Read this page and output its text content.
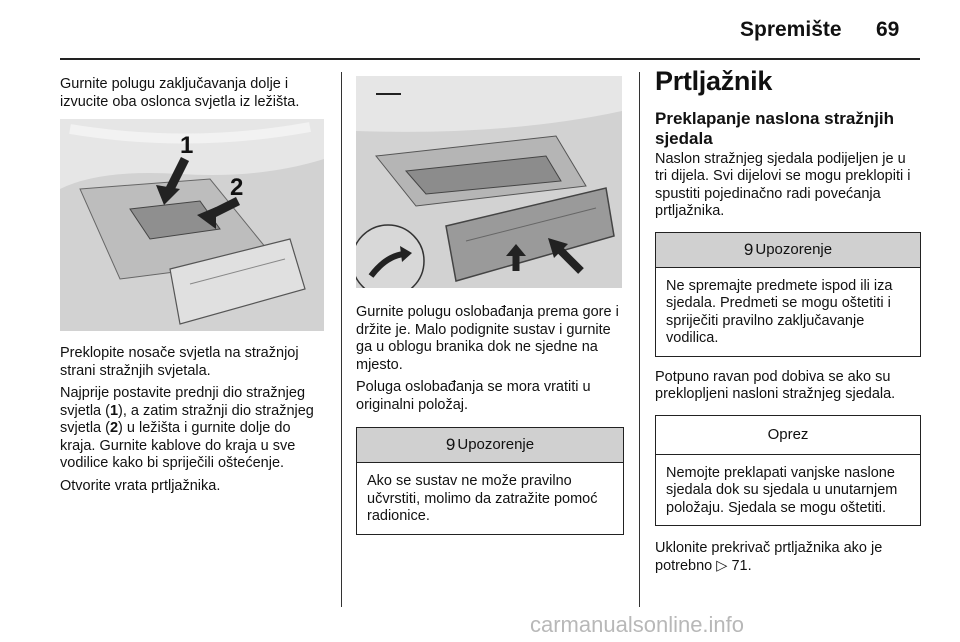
Spremište 69

Gurnite polugu zaključavanja dolje i izvucite oba oslonca svjetla iz ležišta.

1
2

Preklopite nosače svjetla na stražnjoj strani stražnjih svjetala.

Najprije postavite prednji dio stražnjeg svjetla (1), a zatim stražnji dio stražnjeg svjetla (2) u ležišta i gurnite dolje do kraja. Gurnite kablove do kraja u sve vodilice kako bi spriječili oštećenje.

Otvorite vrata prtljažnika.

Gurnite polugu oslobađanja prema gore i držite je. Malo podignite sustav i gurnite ga u oblogu branika dok ne sjedne na mjesto.

Poluga oslobađanja se mora vratiti u originalni položaj.

9 Upozorenje
Ako se sustav ne može pravilno učvrstiti, molimo da zatražite pomoć radionice.
Prtljažnik
Preklapanje naslona stražnjih sjedala

Naslon stražnjeg sjedala podijeljen je u tri dijela. Svi dijelovi se mogu preklopiti i spustiti pojedinačno radi povećanja prtljažnika.

9 Upozorenje
Ne spremajte predmete ispod ili iza sjedala. Predmeti se mogu oštetiti i spriječiti pravilno zaključavanje vodilica.

Potpuno ravan pod dobiva se ako su preklopljeni nasloni stražnjeg sjedala.

Oprez
Nemojte preklapati vanjske naslone sjedala dok su sjedala u unutarnjem položaju. Sjedala se mogu oštetiti.

Uklonite prekrivač prtljažnika ako je potrebno ▷ 71.

carmanualsonline.info
